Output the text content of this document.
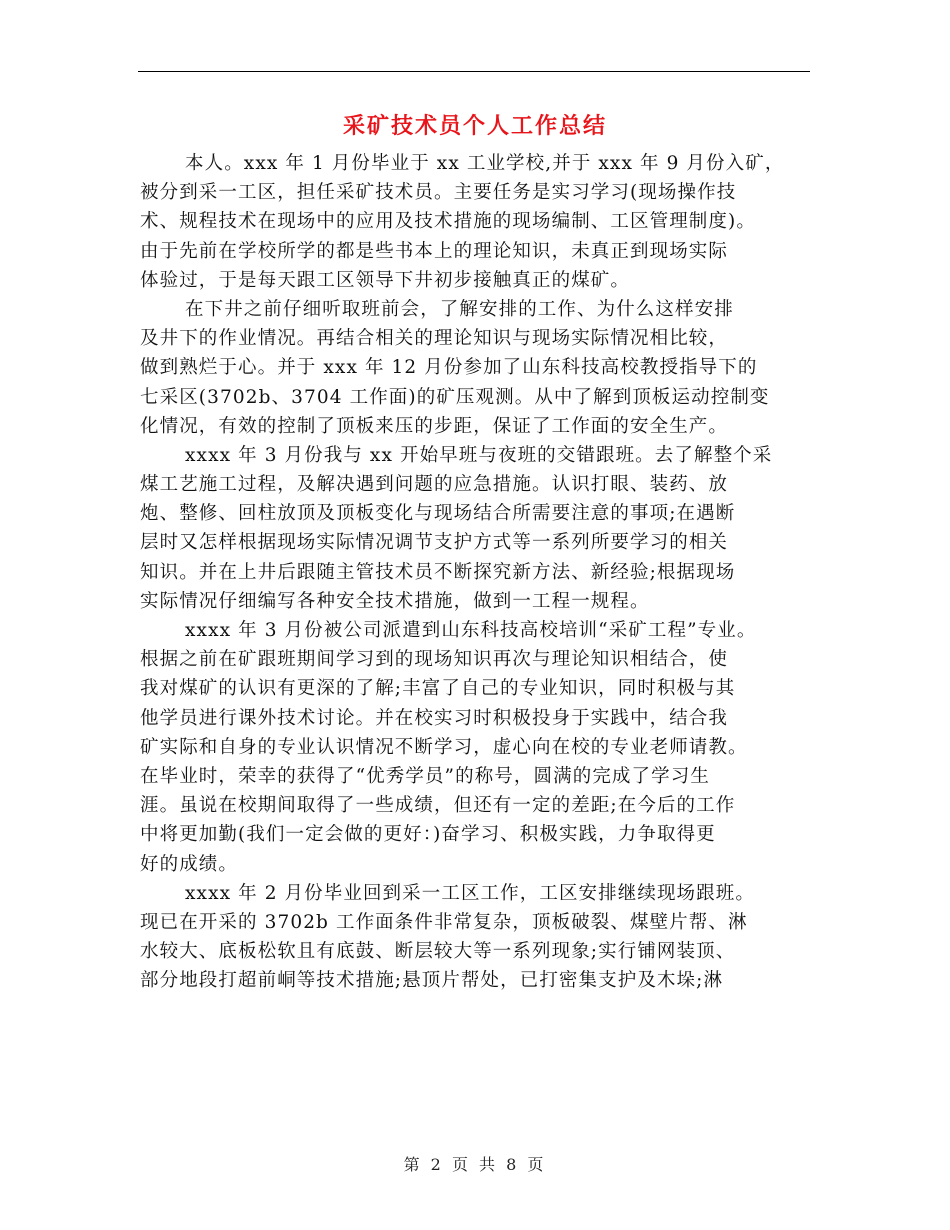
采矿技术员个人工作总结
本人。xxx 年 1 月份毕业于 xx 工业学校,并于 xxx 年 9 月份入矿，
被分到采一工区，担任采矿技术员。主要任务是实习学习(现场操作技
术、规程技术在现场中的应用及技术措施的现场编制、工区管理制度)。
由于先前在学校所学的都是些书本上的理论知识，未真正到现场实际
体验过，于是每天跟工区领导下井初步接触真正的煤矿。
在下井之前仔细听取班前会，了解安排的工作、为什么这样安排
及井下的作业情况。再结合相关的理论知识与现场实际情况相比较，
做到熟烂于心。并于 xxx 年 12 月份参加了山东科技高校教授指导下的
七采区(3702b、3704 工作面)的矿压观测。从中了解到顶板运动控制变
化情况，有效的控制了顶板来压的步距，保证了工作面的安全生产。
xxxx 年 3 月份我与 xx 开始早班与夜班的交错跟班。去了解整个采
煤工艺施工过程，及解决遇到问题的应急措施。认识打眼、装药、放
炮、整修、回柱放顶及顶板变化与现场结合所需要注意的事项;在遇断
层时又怎样根据现场实际情况调节支护方式等一系列所要学习的相关
知识。并在上井后跟随主管技术员不断探究新方法、新经验;根据现场
实际情况仔细编写各种安全技术措施，做到一工程一规程。
xxxx 年 3 月份被公司派遣到山东科技高校培训“采矿工程”专业。
根据之前在矿跟班期间学习到的现场知识再次与理论知识相结合，使
我对煤矿的认识有更深的了解;丰富了自己的专业知识，同时积极与其
他学员进行课外技术讨论。并在校实习时积极投身于实践中，结合我
矿实际和自身的专业认识情况不断学习，虚心向在校的专业老师请教。
在毕业时，荣幸的获得了“优秀学员”的称号，圆满的完成了学习生
涯。虽说在校期间取得了一些成绩，但还有一定的差距;在今后的工作
中将更加勤(我们一定会做的更好：)奋学习、积极实践，力争取得更
好的成绩。
xxxx 年 2 月份毕业回到采一工区工作，工区安排继续现场跟班。
现已在开采的 3702b 工作面条件非常复杂，顶板破裂、煤壁片帮、淋
水较大、底板松软且有底鼓、断层较大等一系列现象;实行铺网装顶、
部分地段打超前峒等技术措施;悬顶片帮处，已打密集支护及木垛;淋
第 2 页 共 8 页
